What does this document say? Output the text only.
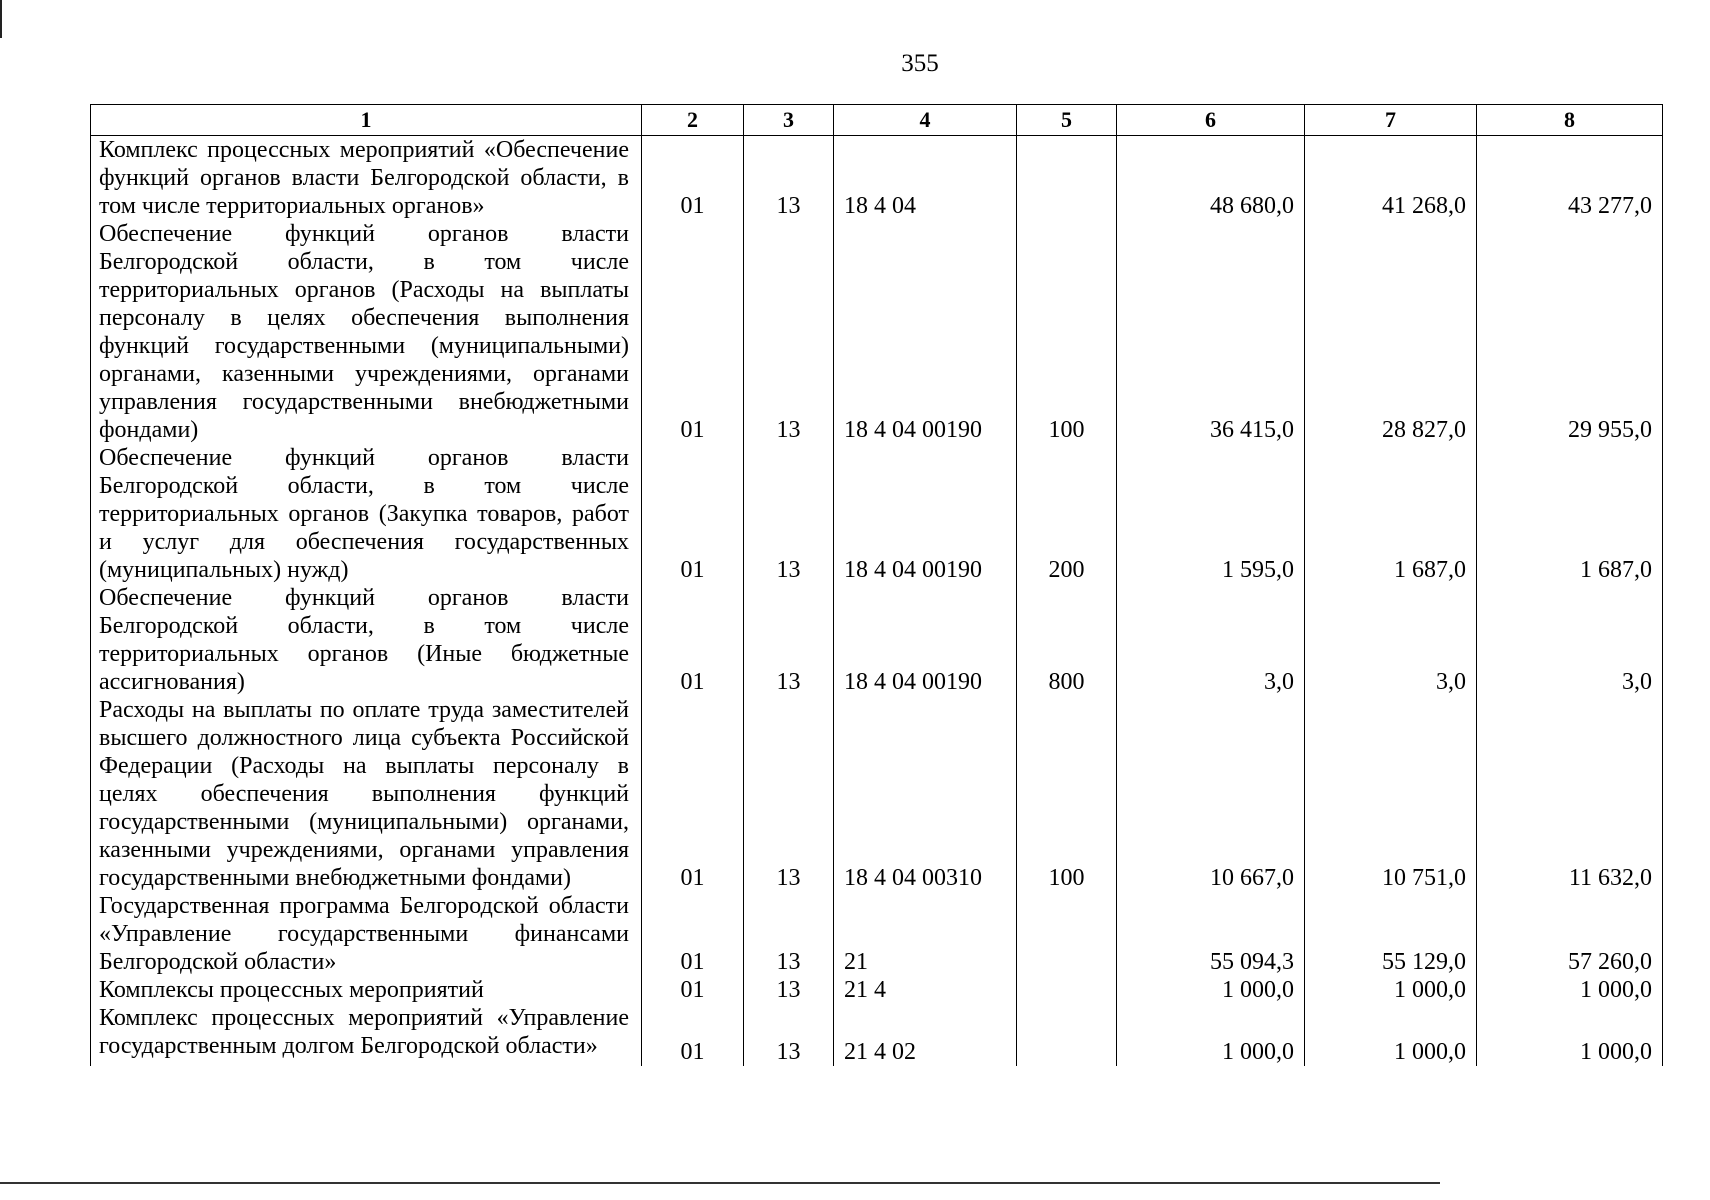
355
1	2	3	4	5	6	7	8
Комплекс процессных мероприятий «Обеспечение функций органов власти Белгородской области, в том числе территориальных органов»	01	13	18 4 04		48 680,0	41 268,0	43 277,0
Обеспечение функций органов власти Белгородской области, в том числе территориальных органов (Расходы на выплаты персоналу в целях обеспечения выполнения функций государственными (муниципальными) органами, казенными учреждениями, органами управления государственными внебюджетными фондами)	01	13	18 4 04 00190	100	36 415,0	28 827,0	29 955,0
Обеспечение функций органов власти Белгородской области, в том числе территориальных органов (Закупка товаров, работ и услуг для обеспечения государственных (муниципальных) нужд)	01	13	18 4 04 00190	200	1 595,0	1 687,0	1 687,0
Обеспечение функций органов власти Белгородской области, в том числе территориальных органов (Иные бюджетные ассигнования)	01	13	18 4 04 00190	800	3,0	3,0	3,0
Расходы на выплаты по оплате труда заместителей высшего должностного лица субъекта Российской Федерации (Расходы на выплаты персоналу в целях обеспечения выполнения функций государственными (муниципальными) органами, казенными учреждениями, органами управления государственными внебюджетными фондами)	01	13	18 4 04 00310	100	10 667,0	10 751,0	11 632,0
Государственная программа Белгородской области «Управление государственными финансами Белгородской области»	01	13	21		55 094,3	55 129,0	57 260,0
Комплексы процессных мероприятий	01	13	21 4		1 000,0	1 000,0	1 000,0
Комплекс процессных мероприятий «Управление государственным долгом Белгородской области»	01	13	21 4 02		1 000,0	1 000,0	1 000,0
